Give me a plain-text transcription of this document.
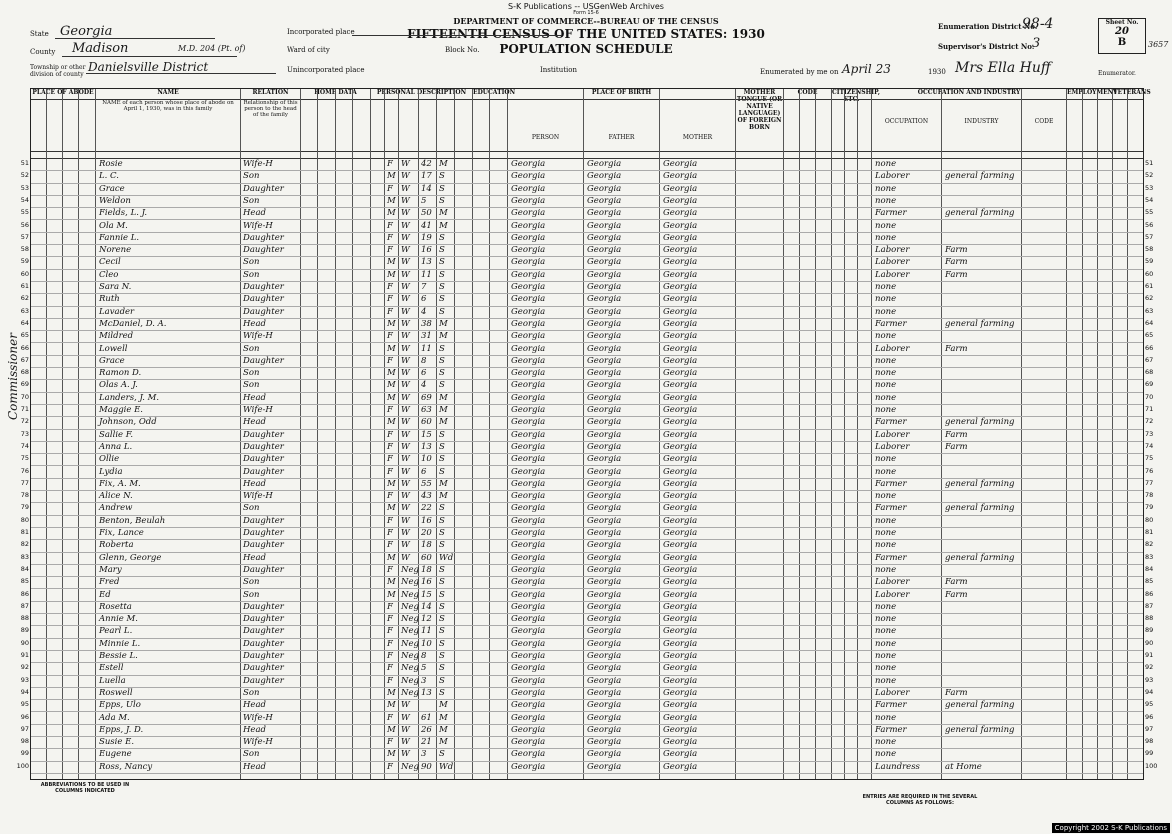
S-K Publications -- USGenWeb Archives
Form 15-6
DEPARTMENT OF COMMERCE--BUREAU OF THE CENSUS
FIFTEENTH CENSUS OF THE UNITED STATES: 1930
POPULATION SCHEDULE
State Georgia
County Madison	M.D. 204 (Pt. of)
Township or other division of county
Danielsville District
Incorporated place
Ward of city	Block No.
Unincorporated place	Institution
Enumeration District No.
98-4
Supervisor's District No.
3
Sheet No.
20
B	3657
Enumerated by me on April 23	1930 Mrs Ella Huff	Enumerator.
PLACE OF ABODE	NAME	RELATION	HOME DATA	PERSONAL DESCRIPTION	EDUCATION	PLACE OF BIRTH	MOTHER TONGUE (OR NATIVE LANGUAGE) OF FOREIGN BORN
CODE	CITIZENSHIP, ETC.
OCCUPATION AND INDUSTRY	EMPLOYMENT
VETERANS
NAME of each person whose place of abode on April 1, 1930, was in this family
Relationship of this person to the head of the family
PERSON	FATHER	MOTHER
OCCUPATION	INDUSTRY	CODE
51	51
Rosie	Wife-H	F W	42 M	Georgia	Georgia	Georgia	none
52	52
L. C.	Son	M W	17 S	Georgia	Georgia	Georgia	Laborer	general farming
53	53
Grace	Daughter	F W	14 S	Georgia	Georgia	Georgia	none
54	54
Weldon	Son	M W	5	S	Georgia	Georgia	Georgia	none
55	55
Fields, L. J.	Head	M W	50 M	Georgia	Georgia	Georgia	Farmer	general farming
56	56
Ola M.	Wife-H	F W	41 M	Georgia	Georgia	Georgia	none
57	57
Fannie L.	Daughter	F W	19 S	Georgia	Georgia	Georgia	none
58	58
Norene	Daughter	F W	16 S	Georgia	Georgia	Georgia	Laborer	Farm
59	59
Cecil	Son	M W	13 S	Georgia	Georgia	Georgia	Laborer	Farm
60	60
Cleo	Son	M W	11 S	Georgia	Georgia	Georgia	Laborer	Farm
61	61
Sara N.	Daughter	F W	7	S	Georgia	Georgia	Georgia	none
62	62
Ruth	Daughter	F W	6	S	Georgia	Georgia	Georgia	none
63	63
Lavader	Daughter	F W	4	S	Georgia	Georgia	Georgia	none
64	64
McDaniel, D. A.	Head	M W	38 M	Georgia	Georgia	Georgia	Farmer	general farming
65	65
Mildred	Wife-H	F W	31 M	Georgia	Georgia	Georgia	none
66	66
Lowell	Son	M W	11 S	Georgia	Georgia	Georgia	Laborer	Farm
67	67
Grace	Daughter	F W	8	S	Georgia	Georgia	Georgia	none
68	68
Ramon D.	Son	M W	6	S	Georgia	Georgia	Georgia	none
69	69
Olas A. J.	Son	M W	4	S	Georgia	Georgia	Georgia	none
70	70
Landers, J. M.	Head	M W	69 M	Georgia	Georgia	Georgia	none
71	71
Maggie E.	Wife-H	F W	63 M	Georgia	Georgia	Georgia	none
72	72
Johnson, Odd	Head	M W	60 M	Georgia	Georgia	Georgia	Farmer	general farming
73	73
Sallie F.	Daughter	F W	15 S	Georgia	Georgia	Georgia	Laborer	Farm
74	74
Anna L.	Daughter	F W	13 S	Georgia	Georgia	Georgia	Laborer	Farm
75	75
Ollie	Daughter	F W	10 S	Georgia	Georgia	Georgia	none
76	76
Lydia	Daughter	F W	6	S	Georgia	Georgia	Georgia	none
77	77
Fix, A. M.	Head	M W	55 M	Georgia	Georgia	Georgia	Farmer	general farming
78	78
Alice N.	Wife-H	F W	43 M	Georgia	Georgia	Georgia	none
79	79
Andrew	Son	M W	22 S	Georgia	Georgia	Georgia	Farmer	general farming
80	80
Benton, Beulah	Daughter	F W	16 S	Georgia	Georgia	Georgia	none
81	81
Fix, Lance	Daughter	F W	20 S	Georgia	Georgia	Georgia	none
82	82
Roberta	Daughter	F W	18 S	Georgia	Georgia	Georgia	none
83	83
Glenn, George	Head	M W	60 Wd	Georgia	Georgia	Georgia	Farmer	general farming
84	84
Mary	Daughter	F Neg 18 S	Georgia	Georgia	Georgia	none
85	85
Fred	Son	M Neg 16 S	Georgia	Georgia	Georgia	Laborer	Farm
86	86
Ed	Son	M Neg 15 S	Georgia	Georgia	Georgia	Laborer	Farm
87	87
Rosetta	Daughter	F Neg 14 S	Georgia	Georgia	Georgia	none
88	88
Annie M.	Daughter	F Neg 12 S	Georgia	Georgia	Georgia	none
89	89
Pearl L.	Daughter	F Neg 11 S	Georgia	Georgia	Georgia	none
90	90
Minnie L.	Daughter	F Neg 10 S	Georgia	Georgia	Georgia	none
91	91
Bessie L.	Daughter	F Neg 8	S	Georgia	Georgia	Georgia	none
92	92
Estell	Daughter	F Neg 5	S	Georgia	Georgia	Georgia	none
93	93
Luella	Daughter	F Neg 3	S	Georgia	Georgia	Georgia	none
94	94
Roswell	Son	M Neg 13 S	Georgia	Georgia	Georgia	Laborer	Farm
95	95
Epps, Ulo	Head	M W	M	Georgia	Georgia	Georgia	Farmer	general farming
96	96
Ada M.	Wife-H	F W	61 M	Georgia	Georgia	Georgia	none
97	97
Epps, J. D.	Head	M W	26 M	Georgia	Georgia	Georgia	Farmer	general farming
98	98
Susie E.	Wife-H	F W	21 M	Georgia	Georgia	Georgia	none
99	99
Eugene	Son	M W	3	S	Georgia	Georgia	Georgia	none
100	100
Ross, Nancy	Head	F Neg 90 Wd	Georgia	Georgia	Georgia	Laundress	at Home
Commissioner
ABBREVIATIONS TO BE USED IN COLUMNS INDICATED
ENTRIES ARE REQUIRED IN THE SEVERAL COLUMNS AS FOLLOWS:
Copyright 2002 S-K Publications
